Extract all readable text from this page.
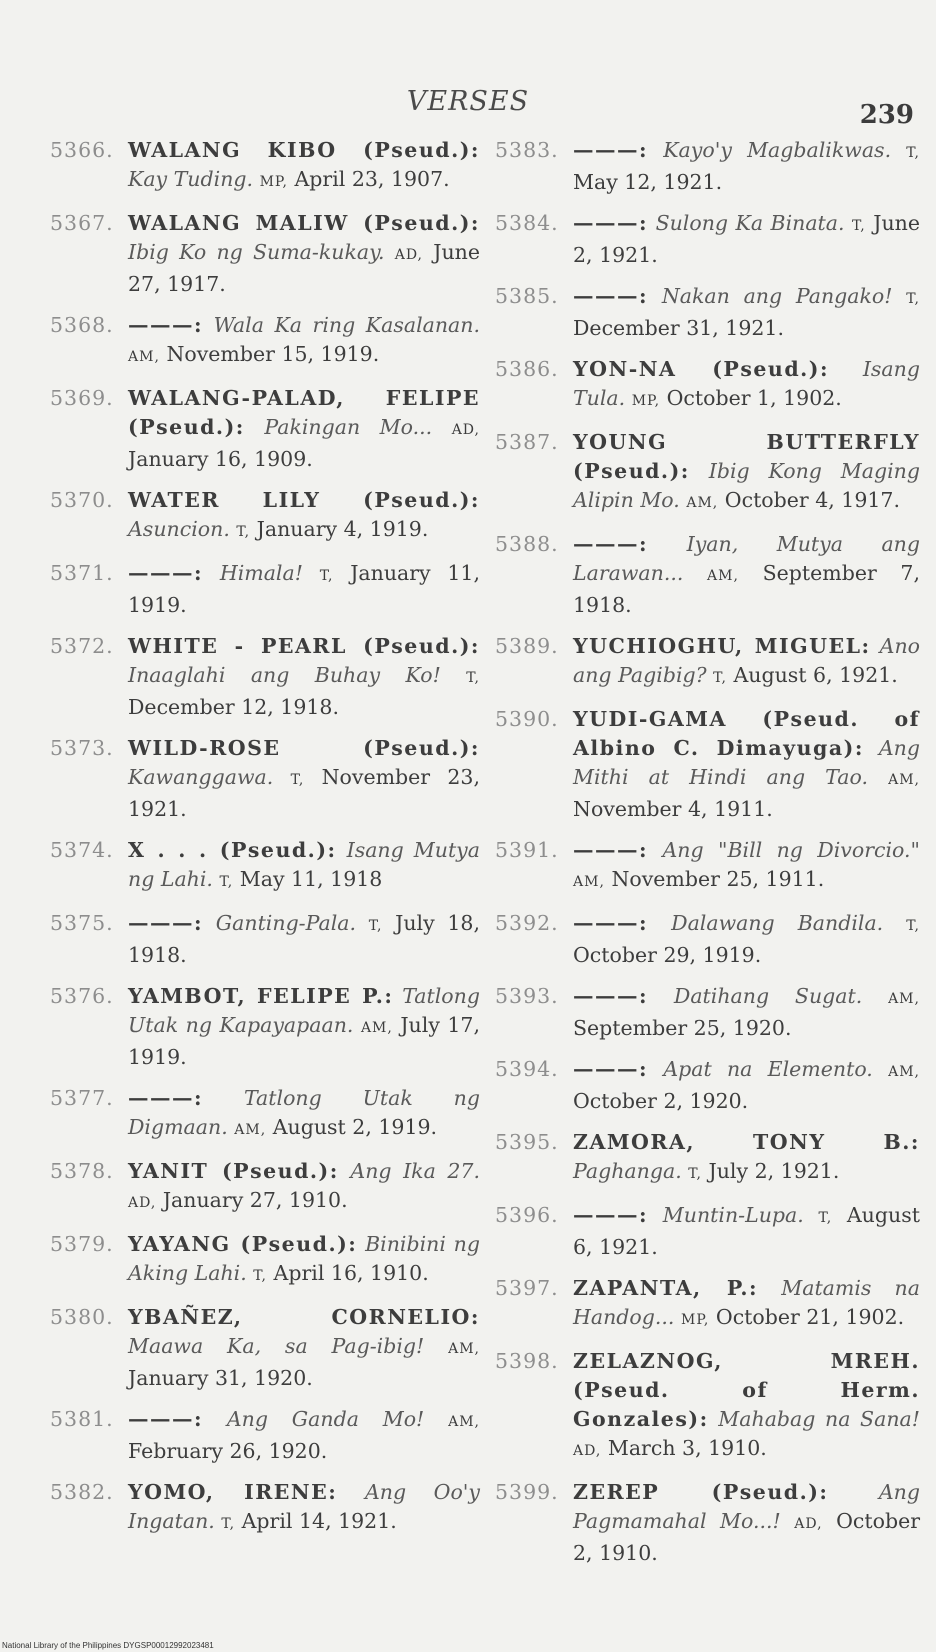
VERSES	239
5366. WALANG KIBO (Pseud.): Kay Tuding. MP, April 23, 1907.
5367. WALANG MALIW (Pseud.): Ibig Ko ng Suma-kukay. AD, June 27, 1917.
5368. ———: Wala Ka ring Kasalanan. AM, November 15, 1919.
5369. WALANG-PALAD, FELIPE (Pseud.): Pakingan Mo... AD, January 16, 1909.
5370. WATER LILY (Pseud.): Asuncion. T, January 4, 1919.
5371. ———: Himala! T, January 11, 1919.
5372. WHITE - PEARL (Pseud.): Inaaglahi ang Buhay Ko! T, December 12, 1918.
5373. WILD-ROSE (Pseud.): Kawanggawa. T, November 23, 1921.
5374. X . . . (Pseud.): Isang Mutya ng Lahi. T, May 11, 1918
5375. ———: Ganting-Pala. T, July 18, 1918.
5376. YAMBOT, FELIPE P.: Tatlong Utak ng Kapayapaan. AM, July 17, 1919.
5377. ———: Tatlong Utak ng Digmaan. AM, August 2, 1919.
5378. YANIT (Pseud.): Ang Ika 27. AD, January 27, 1910.
5379. YAYANG (Pseud.): Binibini ng Aking Lahi. T, April 16, 1910.
5380. YBAÑEZ, CORNELIO: Maawa Ka, sa Pag-ibig! AM, January 31, 1920.
5381. ———: Ang Ganda Mo! AM, February 26, 1920.
5382. YOMO, IRENE: Ang Oo'y Ingatan. T, April 14, 1921.
5383. ———: Kayo'y Magbalikwas. T, May 12, 1921.
5384. ———: Sulong Ka Binata. T, June 2, 1921.
5385. ———: Nakan ang Pangako! T, December 31, 1921.
5386. YON-NA (Pseud.): Isang Tula. MP, October 1, 1902.
5387. YOUNG BUTTERFLY (Pseud.): Ibig Kong Maging Alipin Mo. AM, October 4, 1917.
5388. ———: Iyan, Mutya ang Larawan... AM, September 7, 1918.
5389. YUCHIOGHU, MIGUEL: Ano ang Pagibig? T, August 6, 1921.
5390. YUDI-GAMA (Pseud. of Albino C. Dimayuga): Ang Mithi at Hindi ang Tao. AM, November 4, 1911.
5391. ———: Ang "Bill ng Divorcio." AM, November 25, 1911.
5392. ———: Dalawang Bandila. T, October 29, 1919.
5393. ———: Datihang Sugat. AM, September 25, 1920.
5394. ———: Apat na Elemento. AM, October 2, 1920.
5395. ZAMORA, TONY B.: Paghanga. T, July 2, 1921.
5396. ———: Muntin-Lupa. T, August 6, 1921.
5397. ZAPANTA, P.: Matamis na Handog... MP, October 21, 1902.
5398. ZELAZNOG, MREH. (Pseud. of Herm. Gonzales): Mahabag na Sana! AD, March 3, 1910.
5399. ZEREP (Pseud.): Ang Pagmamahal Mo...! AD, October 2, 1910.
National Library of the Philippines DYGSP00012992023481
